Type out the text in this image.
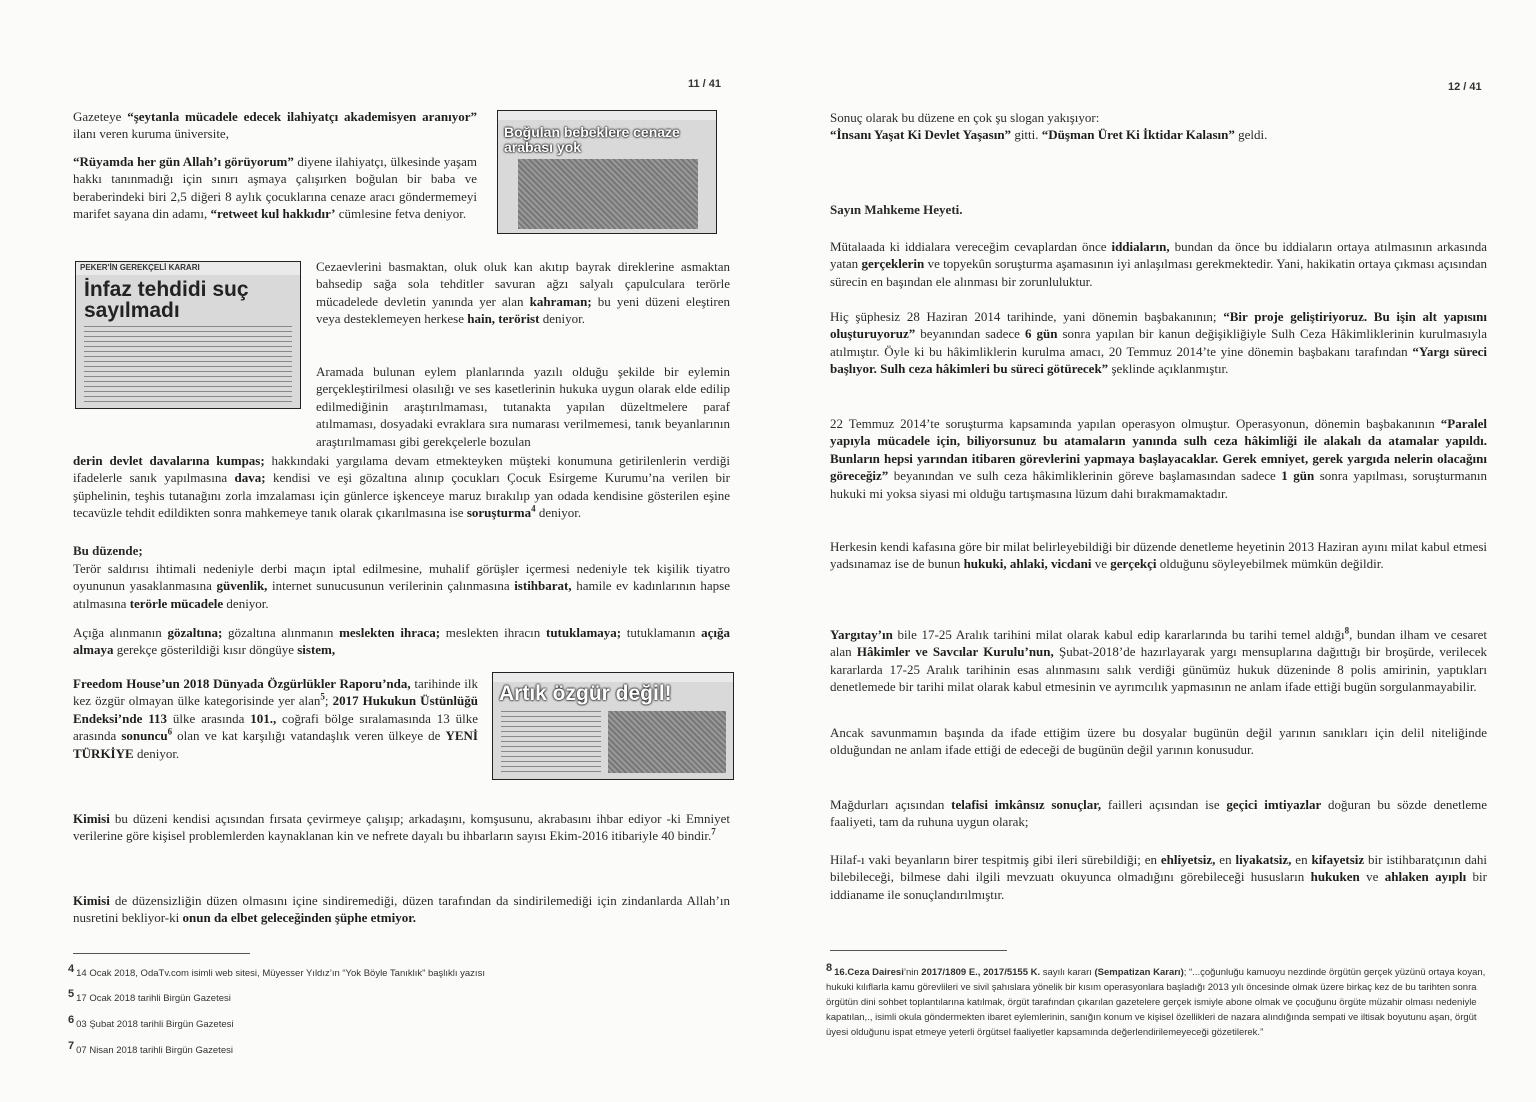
11 / 41
Boğulan bebeklere cenaze arabası yok

Gazeteye “şeytanla mücadele edecek ilahiyatçı akademisyen aranıyor” ilanı veren kuruma üniversite,

“Rüyamda her gün Allah’ı görüyorum” diyene ilahiyatçı, ülkesinde yaşam hakkı tanınmadığı için sınırı aşmaya çalışırken boğulan bir baba ve beraberindeki biri 2,5 diğeri 8 aylık çocuklarına cenaze aracı göndermemeyi marifet sayana din adamı, “retweet kul hakkıdır’ cümlesine fetva deniyor.

PEKER'İN GEREKÇELİ KARARI
İnfaz tehdidi suç sayılmadı

Cezaevlerini basmaktan, oluk oluk kan akıtıp bayrak direklerine asmaktan bahsedip sağa sola tehditler savuran ağzı salyalı çapulculara terörle mücadelede devletin yanında yer alan kahraman; bu yeni düzeni eleştiren veya desteklemeyen herkese hain, terörist deniyor.

Aramada bulunan eylem planlarında yazılı olduğu şekilde bir eylemin gerçekleştirilmesi olasılığı ve ses kasetlerinin hukuka uygun olarak elde edilip edilmediğinin araştırılmaması, tutanakta yapılan düzeltmelere paraf atılmaması, dosyadaki evraklara sıra numarası verilmemesi, tanık beyanlarının araştırılmaması gibi gerekçelerle bozulan

derin devlet davalarına kumpas; hakkındaki yargılama devam etmekteyken müşteki konumuna getirilenlerin verdiği ifadelerle sanık yapılmasına dava; kendisi ve eşi gözaltına alınıp çocukları Çocuk Esirgeme Kurumu’na verilen bir şüphelinin, teşhis tutanağını zorla imzalaması için günlerce işkenceye maruz bırakılıp yan odada kendisine gösterilen eşine tecavüzle tehdit edildikten sonra mahkemeye tanık olarak çıkarılmasına ise soruşturma$^4$ deniyor.

Bu düzende;

Terör saldırısı ihtimali nedeniyle derbi maçın iptal edilmesine, muhalif görüşler içermesi nedeniyle tek kişilik tiyatro oyununun yasaklanmasına güvenlik, internet sunucusunun verilerinin çalınmasına istihbarat, hamile ev kadınlarının hapse atılmasına terörle mücadele deniyor.

Açığa alınmanın gözaltına; gözaltına alınmanın meslekten ihraca; meslekten ihracın tutuklamaya; tutuklamanın açığa almaya gerekçe gösterildiği kısır döngüye sistem,

Artık özgür değil!

Freedom House’un 2018 Dünyada Özgürlükler Raporu’nda, tarihinde ilk kez özgür olmayan ülke kategorisinde yer alan$^5$; 2017 Hukukun Üstünlüğü Endeksi’nde 113 ülke arasında 101., coğrafi bölge sıralamasında 13 ülke arasında sonuncu$^6$ olan ve kat karşılığı vatandaşlık veren ülkeye de YENİ TÜRKİYE deniyor.

Kimisi bu düzeni kendisi açısından fırsata çevirmeye çalışıp; arkadaşını, komşusunu, akrabasını ihbar ediyor -ki Emniyet verilerine göre kişisel problemlerden kaynaklanan kin ve nefrete dayalı bu ihbarların sayısı Ekim-2016 itibariyle 40 bindir.$^7$

Kimisi de düzensizliğin düzen olmasını içine sindiremediği, düzen tarafından da sindirilemediği için zindanlarda Allah’ın nusretini bekliyor-ki onun da elbet geleceğinden şüphe etmiyor.

4 14 Ocak 2018, OdaTv.com isimli web sitesi, Müyesser Yıldız’ın “Yok Böyle Tanıklık” başlıklı yazısı

5 17 Ocak 2018 tarihli Birgün Gazetesi

6 03 Şubat 2018 tarihli Birgün Gazetesi

7 07 Nisan 2018 tarihli Birgün Gazetesi

12 / 41

Sonuç olarak bu düzene en çok şu slogan yakışıyor:
“İnsanı Yaşat Ki Devlet Yaşasın” gitti. “Düşman Üret Ki İktidar Kalasın” geldi.

Sayın Mahkeme Heyeti.

Mütalaada ki iddialara vereceğim cevaplardan önce iddiaların, bundan da önce bu iddiaların ortaya atılmasının arkasında yatan gerçeklerin ve topyekûn soruşturma aşamasının iyi anlaşılması gerekmektedir. Yani, hakikatin ortaya çıkması açısından sürecin en başından ele alınması bir zorunluluktur.

Hiç şüphesiz 28 Haziran 2014 tarihinde, yani dönemin başbakanının; “Bir proje geliştiriyoruz. Bu işin alt yapısını oluşturuyoruz” beyanından sadece 6 gün sonra yapılan bir kanun değişikliğiyle Sulh Ceza Hâkimliklerinin kurulmasıyla atılmıştır. Öyle ki bu hâkimliklerin kurulma amacı, 20 Temmuz 2014’te yine dönemin başbakanı tarafından “Yargı süreci başlıyor. Sulh ceza hâkimleri bu süreci götürecek” şeklinde açıklanmıştır.

22 Temmuz 2014’te soruşturma kapsamında yapılan operasyon olmuştur. Operasyonun, dönemin başbakanının “Paralel yapıyla mücadele için, biliyorsunuz bu atamaların yanında sulh ceza hâkimliği ile alakalı da atamalar yapıldı. Bunların hepsi yarından itibaren görevlerini yapmaya başlayacaklar. Gerek emniyet, gerek yargıda nelerin olacağını göreceğiz” beyanından ve sulh ceza hâkimliklerinin göreve başlamasından sadece 1 gün sonra yapılması, soruşturmanın hukuki mi yoksa siyasi mi olduğu tartışmasına lüzum dahi bırakmamaktadır.

Herkesin kendi kafasına göre bir milat belirleyebildiği bir düzende denetleme heyetinin 2013 Haziran ayını milat kabul etmesi yadsınamaz ise de bunun hukuki, ahlaki, vicdani ve gerçekçi olduğunu söyleyebilmek mümkün değildir.

Yargıtay’ın bile 17-25 Aralık tarihini milat olarak kabul edip kararlarında bu tarihi temel aldığı$^8$, bundan ilham ve cesaret alan Hâkimler ve Savcılar Kurulu’nun, Şubat-2018’de hazırlayarak yargı mensuplarına dağıttığı bir broşürde, verilecek kararlarda 17-25 Aralık tarihinin esas alınmasını salık verdiği günümüz hukuk düzeninde 8 polis amirinin, yaptıkları denetlemede bir tarihi milat olarak kabul etmesinin ve ayrımcılık yapmasının ne anlam ifade ettiği bugün sorgulanmayabilir.

Ancak savunmamın başında da ifade ettiğim üzere bu dosyalar bugünün değil yarının sanıkları için delil niteliğinde olduğundan ne anlam ifade ettiği de edeceği de bugünün değil yarının konusudur.

Mağdurları açısından telafisi imkânsız sonuçlar, failleri açısından ise geçici imtiyazlar doğuran bu sözde denetleme faaliyeti, tam da ruhuna uygun olarak;

Hilaf-ı vaki beyanların birer tespitmiş gibi ileri sürebildiği; en ehliyetsiz, en liyakatsiz, en kifayetsiz bir istihbaratçının dahi bilebileceği, bilmese dahi ilgili mevzuatı okuyunca olmadığını görebileceği hususların hukuken ve ahlaken ayıplı bir iddianame ile sonuçlandırılmıştır.

8 16.Ceza Dairesi’nin 2017/1809 E., 2017/5155 K. sayılı kararı (Sempatizan Kararı); “...çoğunluğu kamuoyu nezdinde örgütün gerçek yüzünü ortaya koyan, hukuki kılıflarla kamu görevlileri ve sivil şahıslara yönelik bir kısım operasyonlara başladığı 2013 yılı öncesinde olmak üzere birkaç kez de bu tarihten sonra örgütün dini sohbet toplantılarına katılmak, örgüt tarafından çıkarılan gazetelere gerçek ismiyle abone olmak ve çocuğunu örgüte müzahir olması nedeniyle kapatılan,., isimli okula göndermekten ibaret eylemlerinin, sanığın konum ve kişisel özellikleri de nazara alındığında sempati ve iltisak boyutunu aşan, örgüt üyesi olduğunu ispat etmeye yeterli örgütsel faaliyetler kapsamında değerlendirilemeyeceği gözetilerek.”
